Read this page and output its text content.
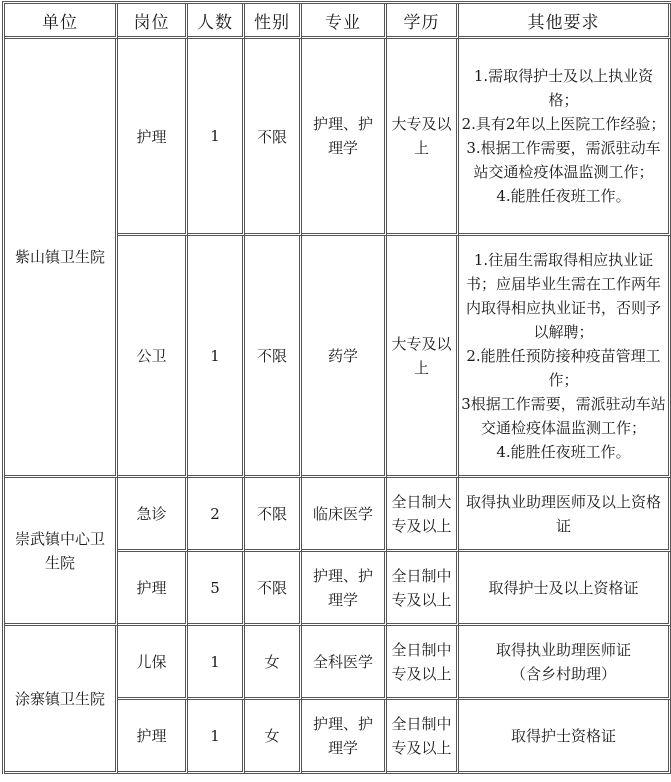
单位	岗位	人数	性别	专业	学历	其他要求

紫山镇卫生院	护理	1	不限	护理、护理学	大专及以上	1.需取得护士及以上执业资格；
2.具有2年以上医院工作经验；
3.根据工作需要，需派驻动车站交通检疫体温监测工作；
4.能胜任夜班工作。

	公卫	1	不限	药学	大专及以上	1.往届生需取得相应执业证书；应届毕业生需在工作两年内取得相应执业证书，否则予以解聘；
2.能胜任预防接种疫苗管理工作；
3根据工作需要，需派驻动车站交通检疫体温监测工作；
4.能胜任夜班工作。

崇武镇中心卫生院	急诊	2	不限	临床医学	全日制大专及以上	取得执业助理医师及以上资格证

	护理	5	不限	护理、护理学	全日制中专及以上	取得护士及以上资格证

涂寨镇卫生院	儿保	1	女	全科医学	全日制中专及以上	取得执业助理医师证
（含乡村助理）

	护理	1	女	护理、护理学	全日制中专及以上	取得护士资格证
